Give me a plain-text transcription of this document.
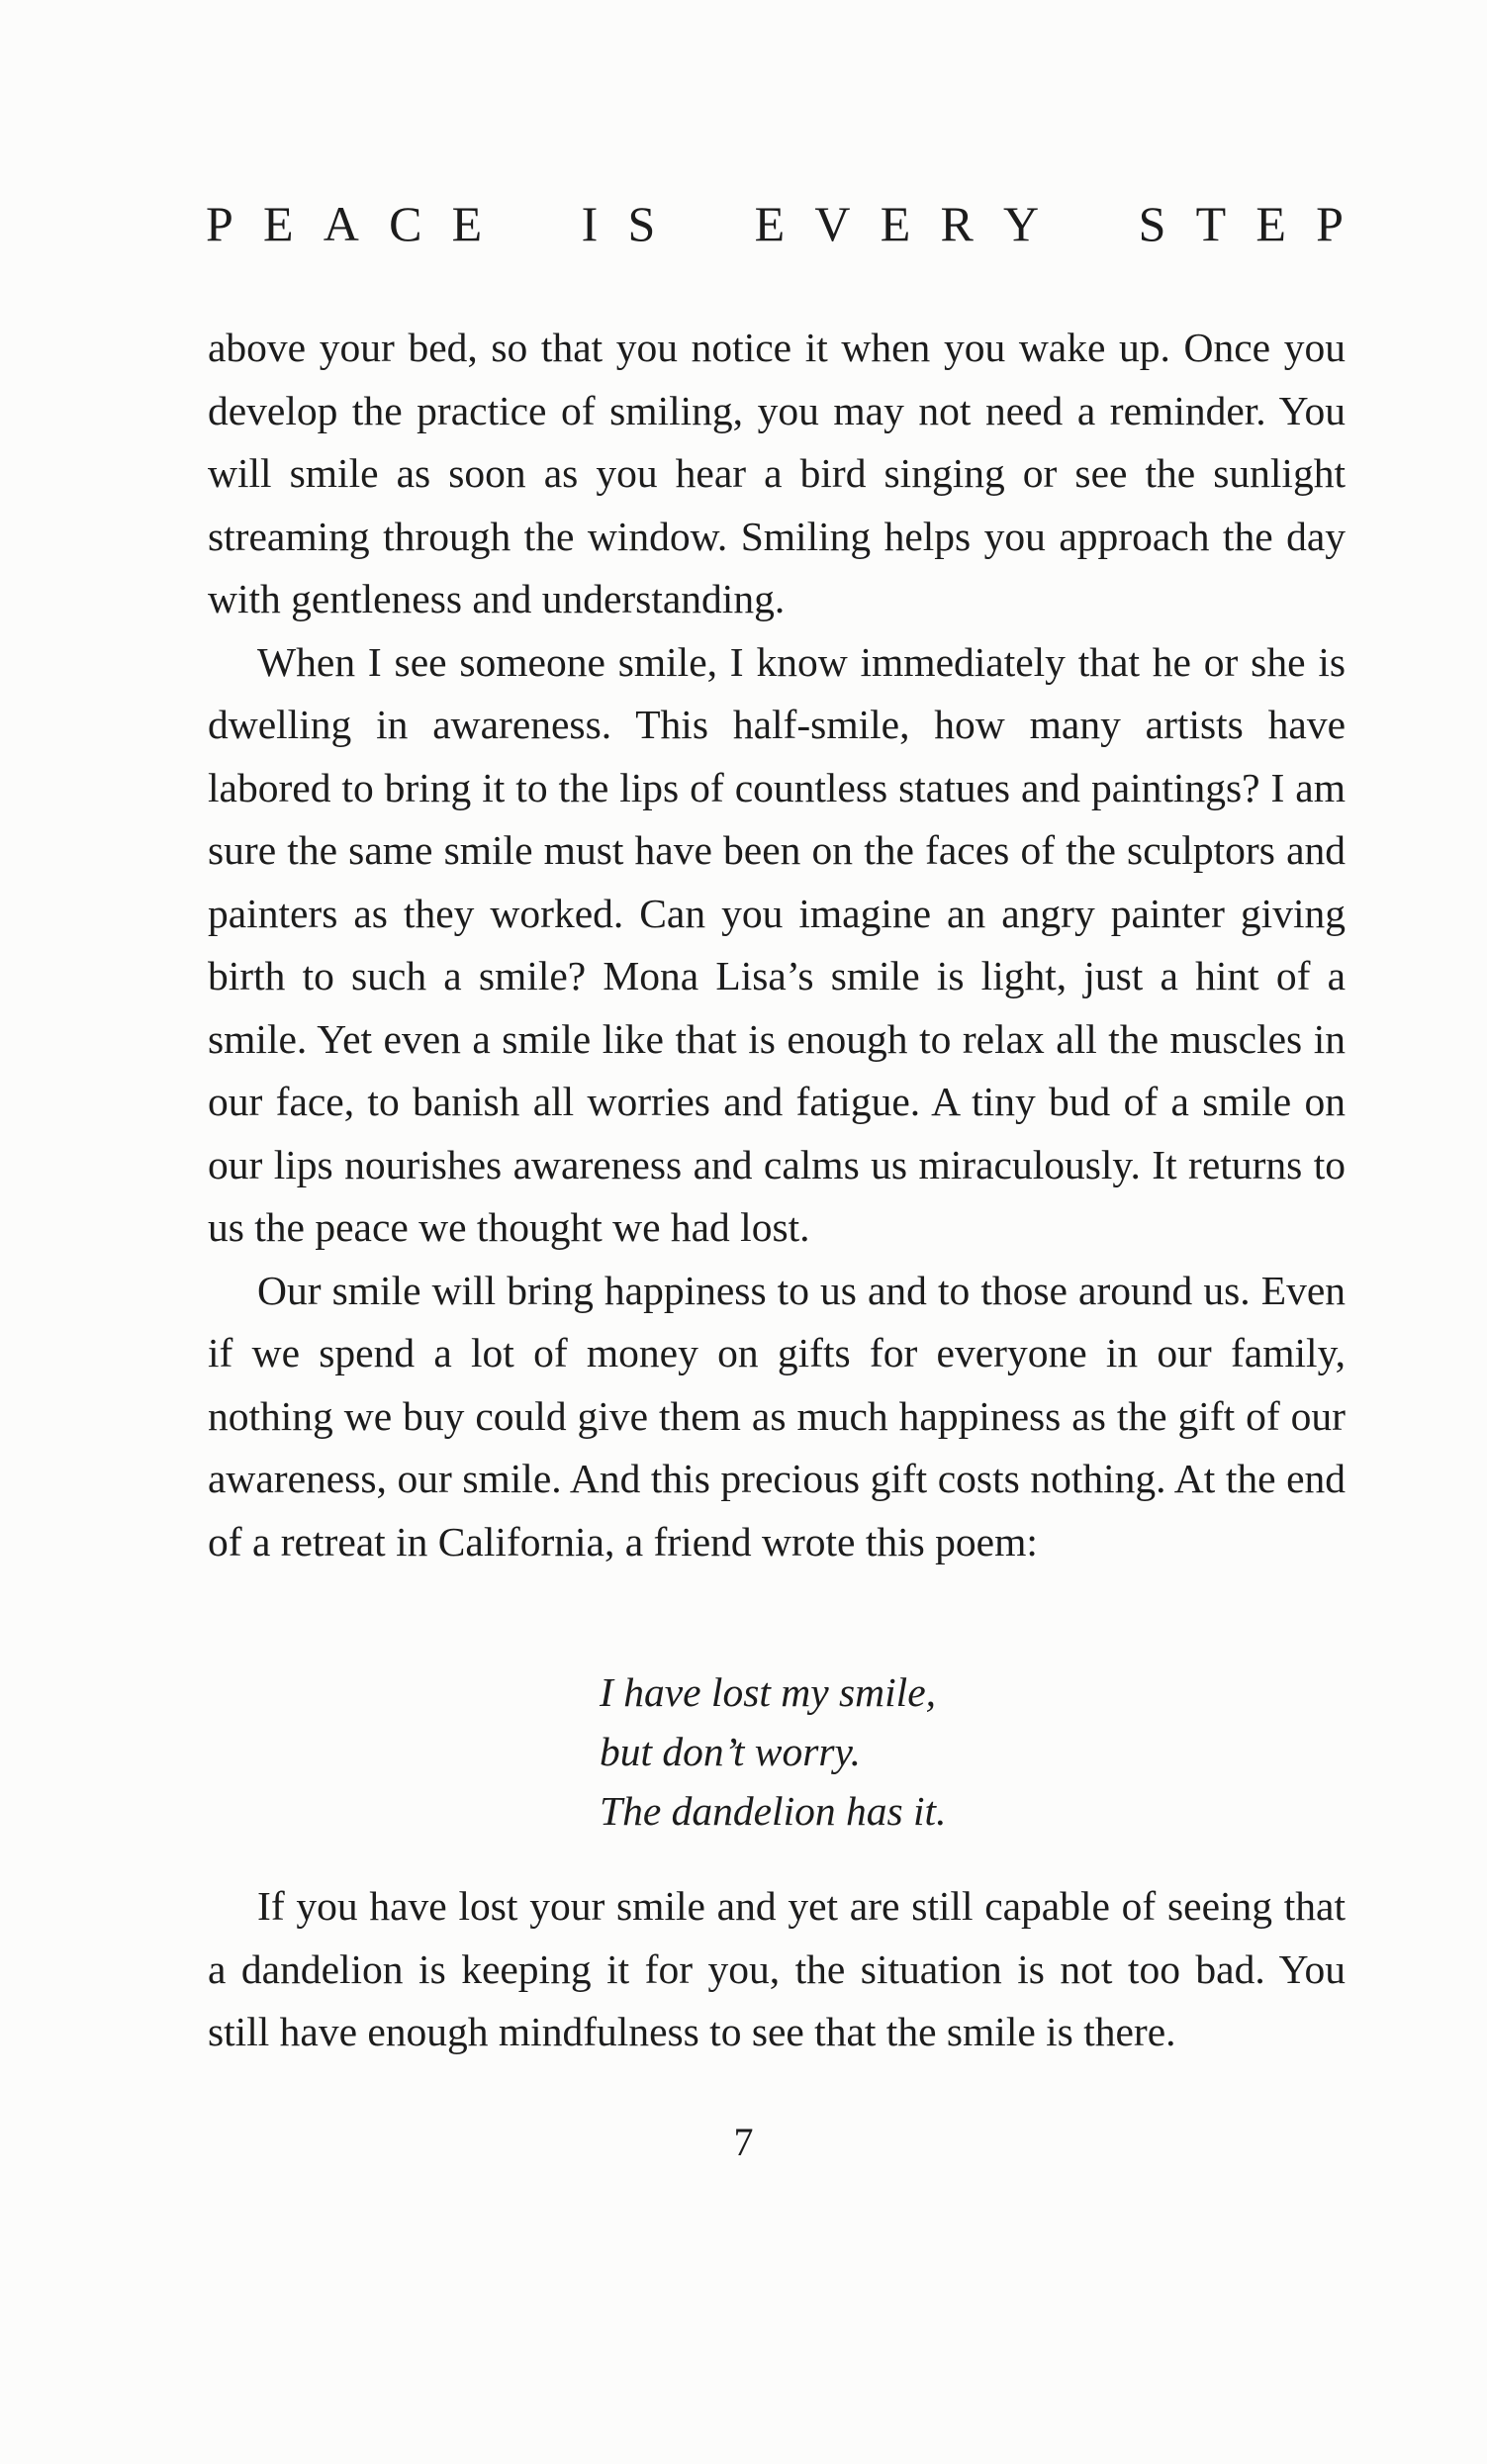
P E A C E I S E V E R Y S T E P

above your bed, so that you notice it when you wake up. Once you develop the practice of smiling, you may not need a reminder. You will smile as soon as you hear a bird singing or see the sunlight streaming through the window. Smiling helps you approach the day with gentleness and understanding.

When I see someone smile, I know immediately that he or she is dwelling in awareness. This half-smile, how many artists have labored to bring it to the lips of countless statues and paintings? I am sure the same smile must have been on the faces of the sculptors and painters as they worked. Can you imagine an angry painter giving birth to such a smile? Mona Lisa’s smile is light, just a hint of a smile. Yet even a smile like that is enough to relax all the muscles in our face, to banish all worries and fatigue. A tiny bud of a smile on our lips nourishes awareness and calms us miraculously. It returns to us the peace we thought we had lost.

Our smile will bring happiness to us and to those around us. Even if we spend a lot of money on gifts for everyone in our family, nothing we buy could give them as much happiness as the gift of our awareness, our smile. And this precious gift costs nothing. At the end of a retreat in California, a friend wrote this poem:

I have lost my smile,
but don’t worry.
The dandelion has it.

If you have lost your smile and yet are still capable of seeing that a dandelion is keeping it for you, the situation is not too bad. You still have enough mindfulness to see that the smile is there.

7
